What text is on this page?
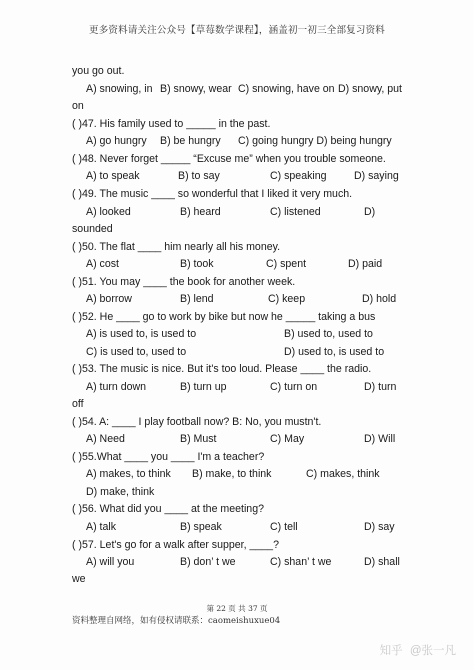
更多资料请关注公众号【草莓数学课程】，涵盖初一初三全部复习资料
you go out.
A) snowing, in B) snowy, wear C) snowing, have on D) snowy, put
on
( )47. His family used to _____ in the past.
A) go hungry B) be hungry C) going hungry D) being hungry
( )48. Never forget _____ “Excuse me” when you trouble someone.
A) to speak	B) to say	C) speaking	D) saying
( )49. The music ____ so wonderful that I liked it very much.
A) looked	B) heard	C) listened	D)
sounded
( )50. The flat ____ him nearly all his money.
A) cost	B) took	C) spent	D) paid
( )51. You may ____ the book for another week.
A) borrow	B) lend	C) keep	D) hold
( )52. He ____ go to work by bike but now he _____ taking a bus
A) is used to, is used to	B) used to, used to
C) is used to, used to	D) used to, is used to
( )53. The music is nice. But it's too loud. Please ____ the radio.
A) turn down	B) turn up	C) turn on	D) turn
off
( )54. A: ____ I play football now? B: No, you mustn't.
A) Need	B) Must	C) May	D) Will
( )55.What ____ you ____ I'm a teacher?
A) makes, to think B) make, to think	C) makes, think
D) make, think
( )56. What did you ____ at the meeting?
A) talk	B) speak	C) tell	D) say
( )57. Let's go for a walk after supper, ____?
A) will you	B) don’ t we	C) shan’ t we	D) shall
we
第 22 页 共 37 页
资料整理自网络，如有侵权请联系：caomeishuxue04
知乎 @张一凡
